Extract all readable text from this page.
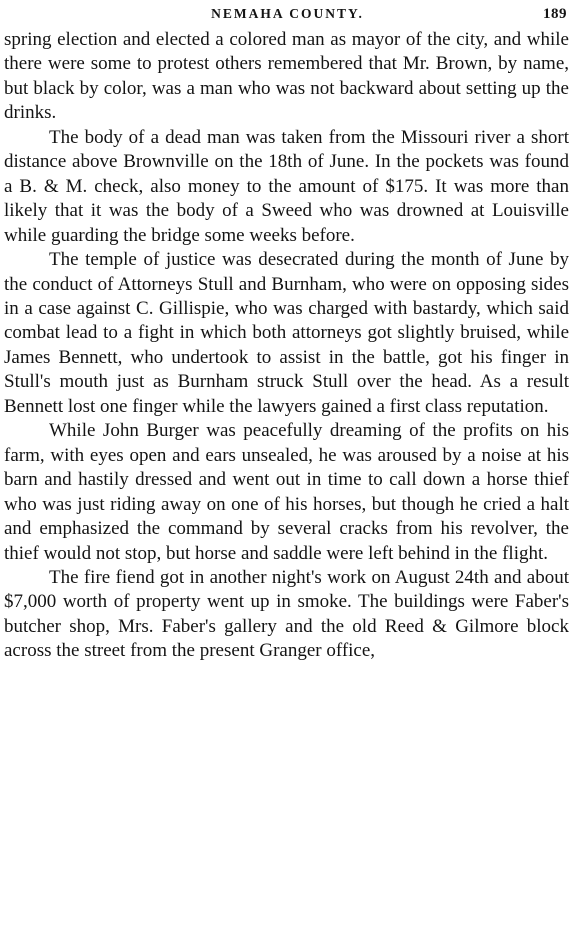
NEMAHA COUNTY.	189

spring election and elected a colored man as mayor of the city, and while there were some to protest others remembered that Mr. Brown, by name, but black by color, was a man who was not backward about setting up the drinks.

The body of a dead man was taken from the Missouri river a short distance above Brownville on the 18th of June. In the pockets was found a B. & M. check, also money to the amount of $175. It was more than likely that it was the body of a Sweed who was drowned at Louisville while guarding the bridge some weeks before.

The temple of justice was desecrated during the month of June by the conduct of Attorneys Stull and Burnham, who were on opposing sides in a case against C. Gillispie, who was charged with bastardy, which said combat lead to a fight in which both attorneys got slightly bruised, while James Bennett, who undertook to assist in the battle, got his finger in Stull's mouth just as Burnham struck Stull over the head. As a result Bennett lost one finger while the lawyers gained a first class reputation.

While John Burger was peacefully dreaming of the profits on his farm, with eyes open and ears unsealed, he was aroused by a noise at his barn and hastily dressed and went out in time to call down a horse thief who was just riding away on one of his horses, but though he cried a halt and emphasized the command by several cracks from his revolver, the thief would not stop, but horse and saddle were left behind in the flight.

The fire fiend got in another night's work on August 24th and about $7,000 worth of property went up in smoke. The buildings were Faber's butcher shop, Mrs. Faber's gallery and the old Reed & Gilmore block across the street from the present Granger office,
